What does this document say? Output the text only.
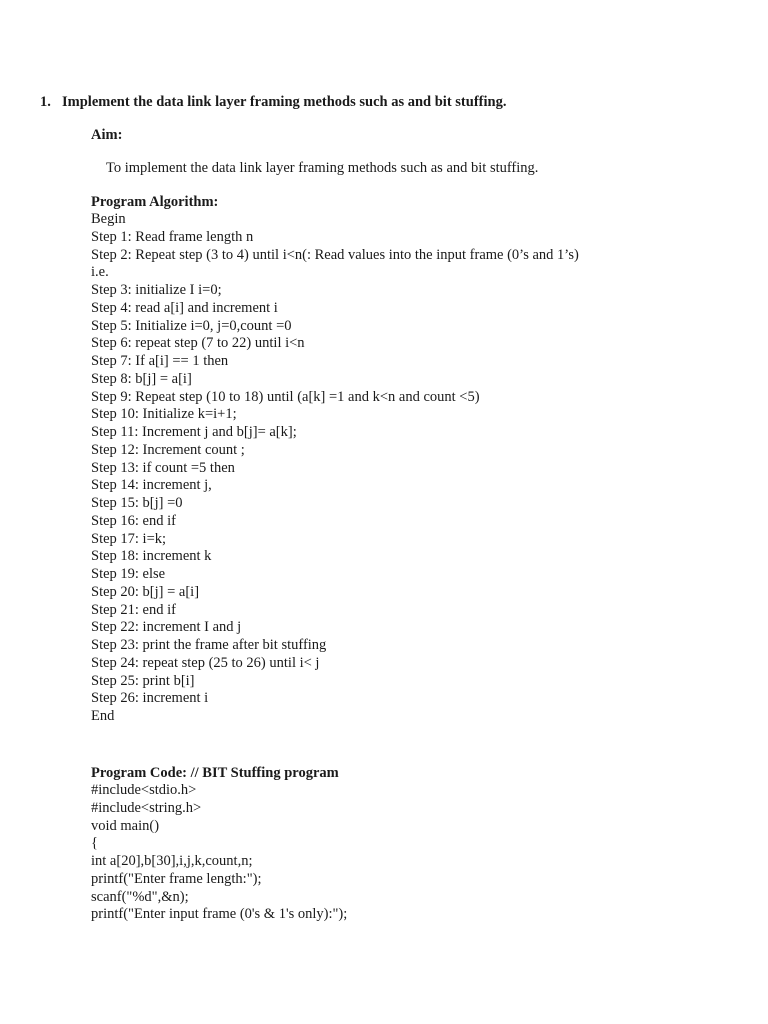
1. Implement the data link layer framing methods such as and bit stuffing.
Aim:
To implement the data link layer framing methods such as and bit stuffing.
Program Algorithm:
Begin
Step 1: Read frame length n
Step 2: Repeat step (3 to 4) until i<n(: Read values into the input frame (0’s and 1’s) i.e.
Step 3: initialize I i=0;
Step 4: read a[i] and increment i
Step 5: Initialize i=0, j=0,count =0
Step 6: repeat step (7 to 22) until i<n
Step 7: If a[i] == 1 then
Step 8: b[j] = a[i]
Step 9: Repeat step (10 to 18) until (a[k] =1 and k<n and count <5)
Step 10: Initialize k=i+1;
Step 11: Increment j and b[j]= a[k];
Step 12: Increment count ;
Step 13: if count =5 then
Step 14: increment j,
Step 15: b[j] =0
Step 16: end if
Step 17: i=k;
Step 18: increment k
Step 19: else
Step 20: b[j] = a[i]
Step 21: end if
Step 22: increment I and j
Step 23: print the frame after bit stuffing
Step 24: repeat step (25 to 26) until i< j
Step 25: print b[i]
Step 26: increment i
End
Program Code: // BIT Stuffing program
#include<stdio.h>
#include<string.h>
void main()
{
int a[20],b[30],i,j,k,count,n;
printf("Enter frame length:");
scanf("%d",&n);
printf("Enter input frame (0's & 1's only):");
